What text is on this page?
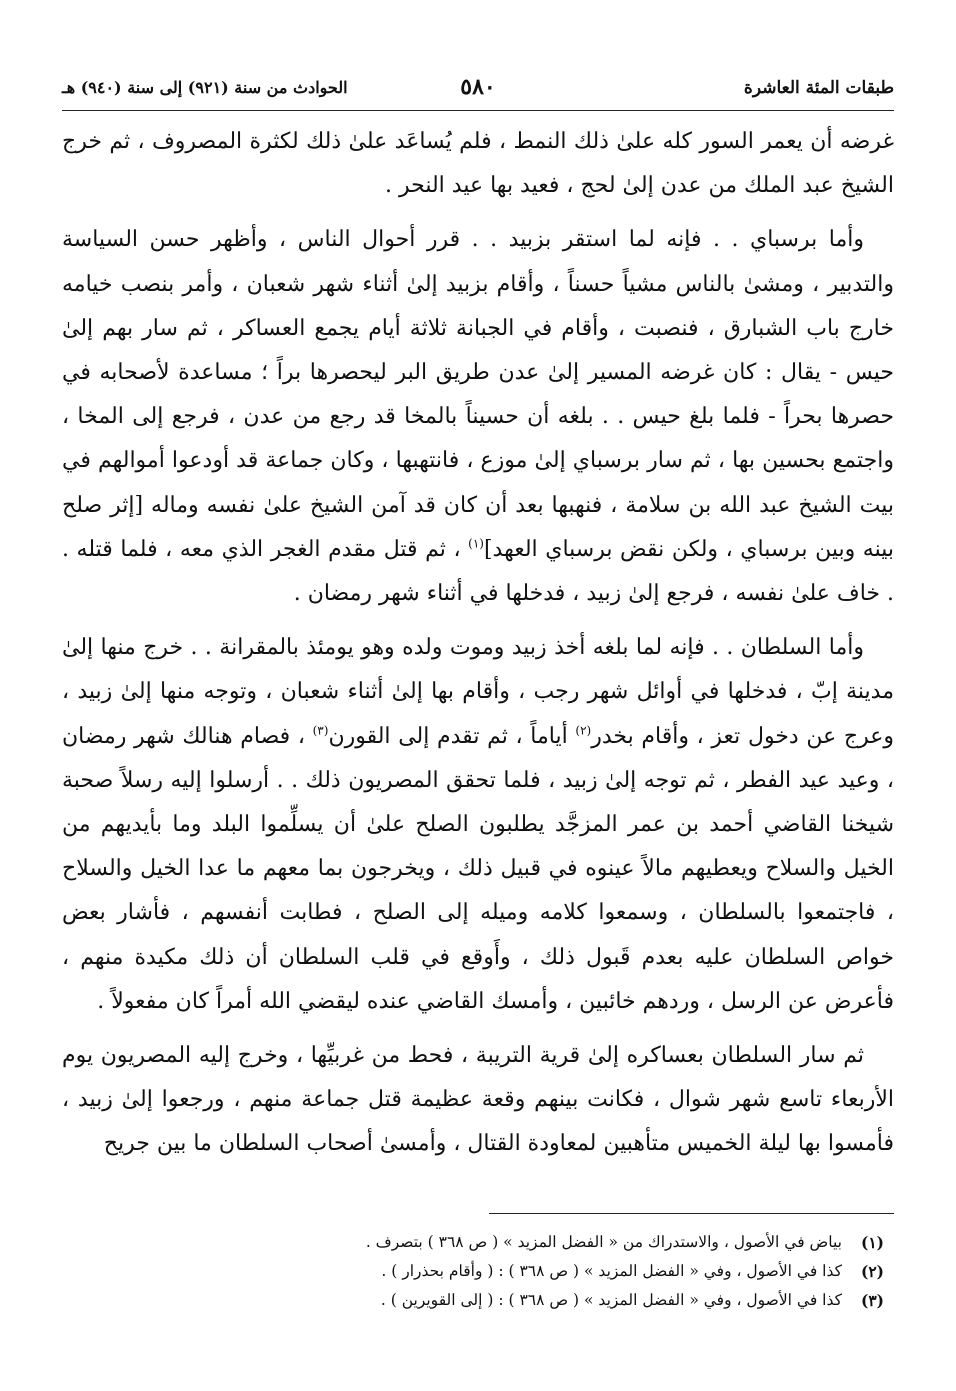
طبقات المئة العاشرة
٥٨٠
الحوادث من سنة (٩٢١) إلى سنة (٩٤٠) هـ

غرضه أن يعمر السور كله علىٰ ذلك النمط ، فلم يُساعَد علىٰ ذلك لكثرة المصروف ، ثم خرج الشيخ عبد الملك من عدن إلىٰ لحج ، فعيد بها عيد النحر .

وأما برسباي . . فإنه لما استقر بزبيد . . قرر أحوال الناس ، وأظهر حسن السياسة والتدبير ، ومشىٰ بالناس مشياً حسناً ، وأقام بزبيد إلىٰ أثناء شهر شعبان ، وأمر بنصب خيامه خارج باب الشبارق ، فنصبت ، وأقام في الجبانة ثلاثة أيام يجمع العساكر ، ثم سار بهم إلىٰ حيس - يقال : كان غرضه المسير إلىٰ عدن طريق البر ليحصرها براً ؛ مساعدة لأصحابه في حصرها بحراً - فلما بلغ حيس . . بلغه أن حسيناً بالمخا قد رجع من عدن ، فرجع إلى المخا ، واجتمع بحسين بها ، ثم سار برسباي إلىٰ موزع ، فانتهبها ، وكان جماعة قد أودعوا أموالهم في بيت الشيخ عبد الله بن سلامة ، فنهبها بعد أن كان قد آمن الشيخ علىٰ نفسه وماله [إثر صلح بينه وبين برسباي ، ولكن نقض برسباي العهد]$^{(١)}$ ، ثم قتل مقدم الغجر الذي معه ، فلما قتله . . خاف علىٰ نفسه ، فرجع إلىٰ زبيد ، فدخلها في أثناء شهر رمضان .

وأما السلطان . . فإنه لما بلغه أخذ زبيد وموت ولده وهو يومئذ بالمقرانة . . خرج منها إلىٰ مدينة إبّ ، فدخلها في أوائل شهر رجب ، وأقام بها إلىٰ أثناء شعبان ، وتوجه منها إلىٰ زبيد ، وعرج عن دخول تعز ، وأقام بخدر$^{(٢)}$ أياماً ، ثم تقدم إلى القورن$^{(٣)}$ ، فصام هنالك شهر رمضان ، وعيد عيد الفطر ، ثم توجه إلىٰ زبيد ، فلما تحقق المصريون ذلك . . أرسلوا إليه رسلاً صحبة شيخنا القاضي أحمد بن عمر المزجَّد يطلبون الصلح علىٰ أن يسلِّموا البلد وما بأيديهم من الخيل والسلاح ويعطيهم مالاً عينوه في قبيل ذلك ، ويخرجون بما معهم ما عدا الخيل والسلاح ، فاجتمعوا بالسلطان ، وسمعوا كلامه وميله إلى الصلح ، فطابت أنفسهم ، فأشار بعض خواص السلطان عليه بعدم قَبول ذلك ، وأَوقع في قلب السلطان أن ذلك مكيدة منهم ، فأعرض عن الرسل ، وردهم خائبين ، وأمسك القاضي عنده ليقضي الله أمراً كان مفعولاً .

ثم سار السلطان بعساكره إلىٰ قرية التريبة ، فحط من غربيِّها ، وخرج إليه المصريون يوم الأربعاء تاسع شهر شوال ، فكانت بينهم وقعة عظيمة قتل جماعة منهم ، ورجعوا إلىٰ زبيد ، فأمسوا بها ليلة الخميس متأهبين لمعاودة القتال ، وأمسىٰ أصحاب السلطان ما بين جريح

(١)
بياض في الأصول ، والاستدراك من « الفضل المزيد » ( ص ٣٦٨ ) بتصرف .
(٢)
كذا في الأصول ، وفي « الفضل المزيد » ( ص ٣٦٨ ) : ( وأقام بحذرار ) .
(٣)
كذا في الأصول ، وفي « الفضل المزيد » ( ص ٣٦٨ ) : ( إلى القويرين ) .
